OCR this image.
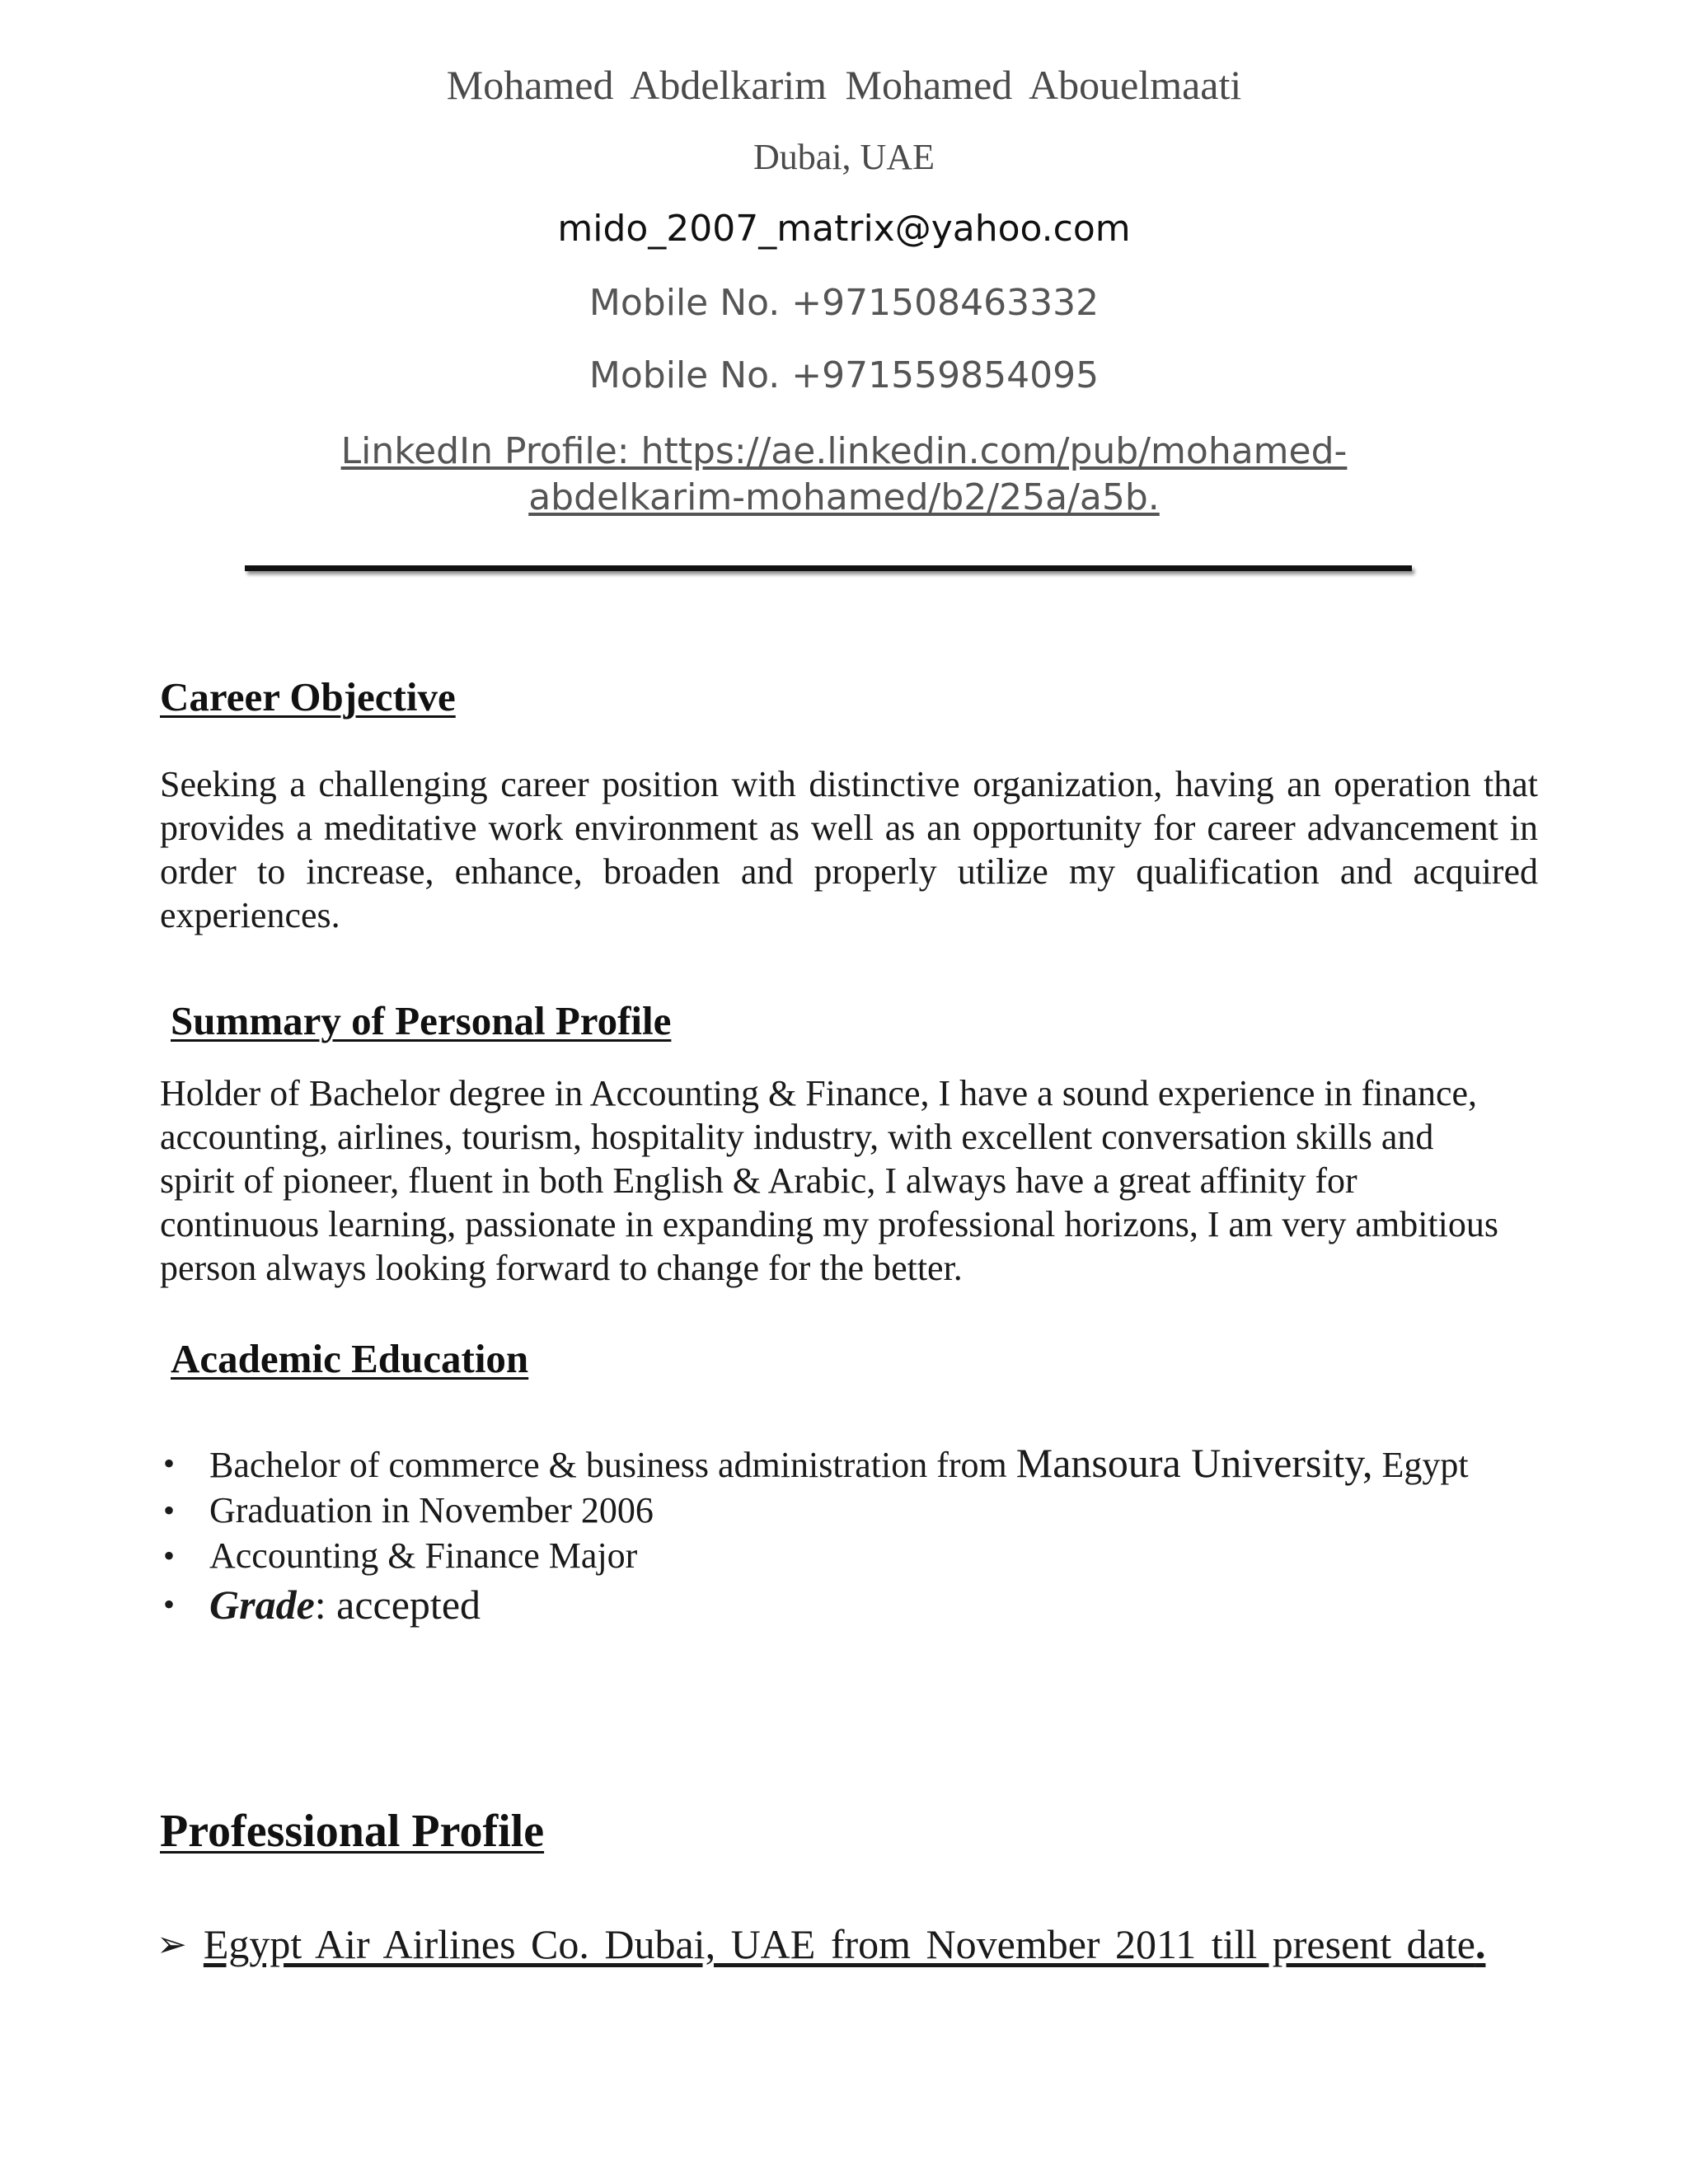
Mohamed Abdelkarim Mohamed Abouelmaati
Dubai, UAE
mido_2007_matrix@yahoo.com
Mobile No. +971508463332
Mobile No. +971559854095
LinkedIn Profile: https://ae.linkedin.com/pub/mohamed-
abdelkarim-mohamed/b2/25a/a5b.
Career Objective
Seeking a challenging career position with distinctive organization, having an operation that provides a meditative work environment as well as an opportunity for career advancement in order to increase, enhance, broaden and properly utilize my qualification and acquired experiences.
Summary of Personal Profile
Holder of Bachelor degree in Accounting & Finance, I have a sound experience in finance, accounting, airlines, tourism, hospitality industry, with excellent conversation skills and spirit of pioneer, fluent in both English & Arabic, I always have a great affinity for continuous learning, passionate in expanding my professional horizons, I am very ambitious person always looking forward to change for the better.
Academic Education
• Bachelor of commerce & business administration from Mansoura University, Egypt
• Graduation in November 2006
• Accounting & Finance Major
• Grade: accepted
Professional Profile
➢ Egypt Air Airlines Co. Dubai, UAE from November 2011 till present date.
